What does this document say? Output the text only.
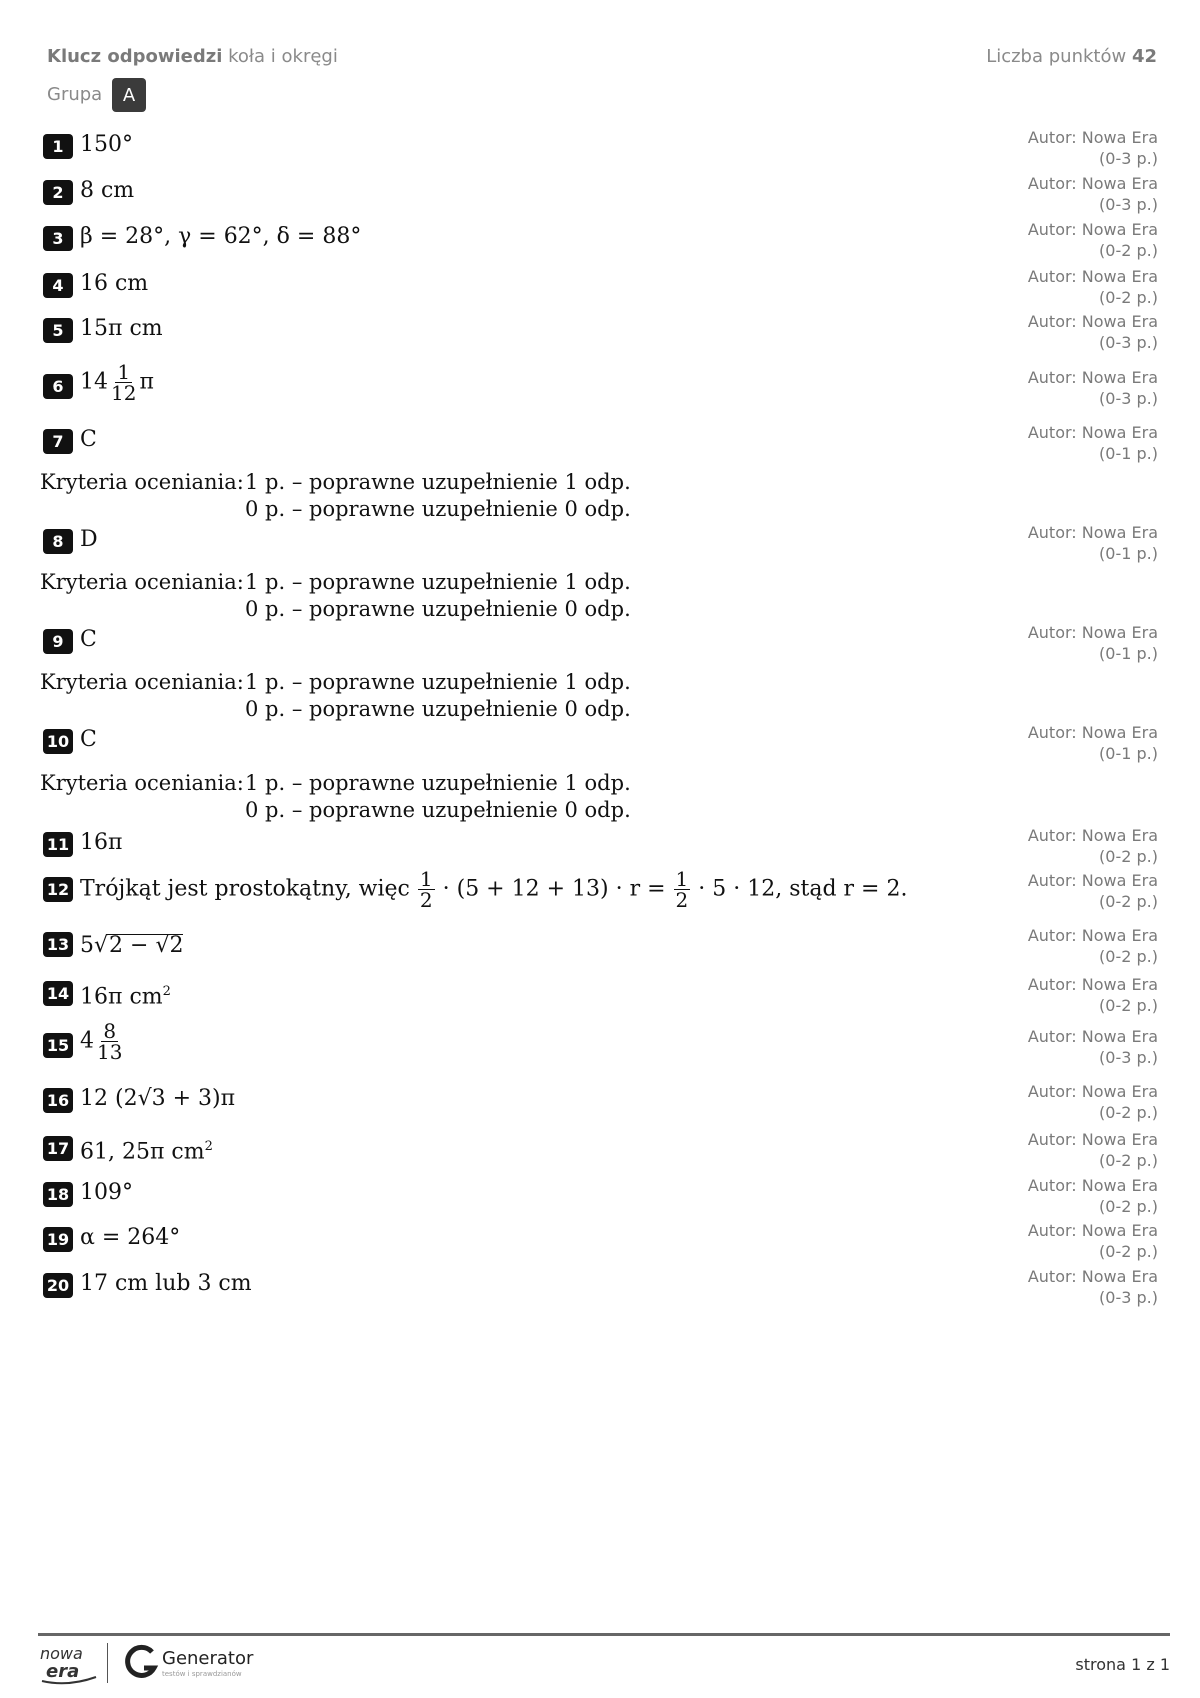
Klucz odpowiedzi koła i okręgi	Liczba punktów 42
Grupa	A
1 150°	Autor: Nowa Era
(0-3 p.)
2 8 cm	Autor: Nowa Era
(0-3 p.)
3 β = 28°, γ = 62°, δ = 88°	Autor: Nowa Era
(0-2 p.)
4 16 cm	Autor: Nowa Era
(0-2 p.)
5 15π cm	Autor: Nowa Era
(0-3 p.)
6 $14 \frac{1}{12}$ π	Autor: Nowa Era
(0-3 p.)
7 C	Autor: Nowa Era
(0-1 p.)
Kryteria oceniania: 1 p. – poprawne uzupełnienie 1 odp.
0 p. – poprawne uzupełnienie 0 odp.
8 D	Autor: Nowa Era
(0-1 p.)
Kryteria oceniania: 1 p. – poprawne uzupełnienie 1 odp.
0 p. – poprawne uzupełnienie 0 odp.
9 C	Autor: Nowa Era
(0-1 p.)
Kryteria oceniania: 1 p. – poprawne uzupełnienie 1 odp.
0 p. – poprawne uzupełnienie 0 odp.
10 C	Autor: Nowa Era
(0-1 p.)
Kryteria oceniania: 1 p. – poprawne uzupełnienie 1 odp.
0 p. – poprawne uzupełnienie 0 odp.
11 16π	Autor: Nowa Era
(0-2 p.)
12 Trójkąt jest prostokątny, więc $\frac{1}{2} \cdot (5 + 12 + 13) \cdot r = \frac{1}{2} \cdot 5 \cdot 12$, stąd r = 2.	Autor: Nowa Era
(0-2 p.)
13 5√2 − √2	Autor: Nowa Era
(0-2 p.)
14 16π $cm^2$	Autor: Nowa Era
(0-2 p.)
15 $4 \frac{8}{13}$	Autor: Nowa Era
(0-3 p.)
16 12 (2√3 + 3)π	Autor: Nowa Era
(0-2 p.)
17 61, 25π $cm^2$	Autor: Nowa Era
(0-2 p.)
18 109°	Autor: Nowa Era
(0-2 p.)
19 α = 264°	Autor: Nowa Era
(0-2 p.)
20 17 cm lub 3 cm	Autor: Nowa Era
(0-3 p.)
nowa
era
Generator
testów i sprawdzianów	strona 1 z 1
